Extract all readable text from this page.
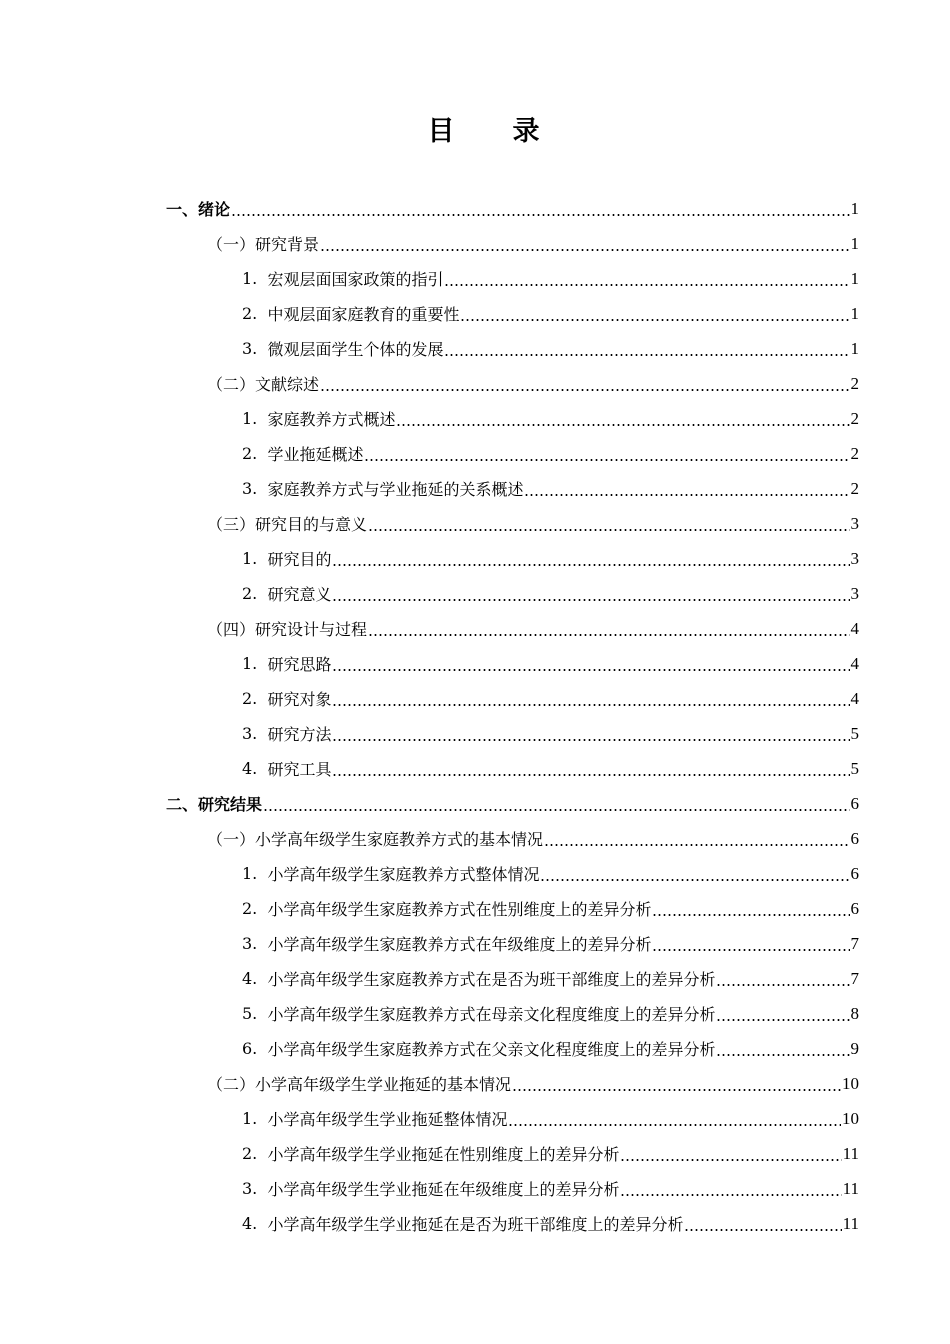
目录
一、 绪论	1
（一） 研究背景	1
1. 宏观层面国家政策的指引	1
2. 中观层面家庭教育的重要性	1
3. 微观层面学生个体的发展	1
（二） 文献综述	2
1. 家庭教养方式概述	2
2. 学业拖延概述	2
3. 家庭教养方式与学业拖延的关系概述	2
（三） 研究目的与意义	3
1. 研究目的	3
2. 研究意义	3
（四） 研究设计与过程	4
1. 研究思路	4
2. 研究对象	4
3. 研究方法	5
4. 研究工具	5
二、 研究结果	6
（一） 小学高年级学生家庭教养方式的基本情况	6
1. 小学高年级学生家庭教养方式整体情况	6
2. 小学高年级学生家庭教养方式在性别维度上的差异分析	6
3. 小学高年级学生家庭教养方式在年级维度上的差异分析	7
4. 小学高年级学生家庭教养方式在是否为班干部维度上的差异分析	7
5. 小学高年级学生家庭教养方式在母亲文化程度维度上的差异分析	8
6. 小学高年级学生家庭教养方式在父亲文化程度维度上的差异分析	9
（二） 小学高年级学生学业拖延的基本情况	10
1. 小学高年级学生学业拖延整体情况	10
2. 小学高年级学生学业拖延在性别维度上的差异分析	11
3. 小学高年级学生学业拖延在年级维度上的差异分析	11
4. 小学高年级学生学业拖延在是否为班干部维度上的差异分析	11
